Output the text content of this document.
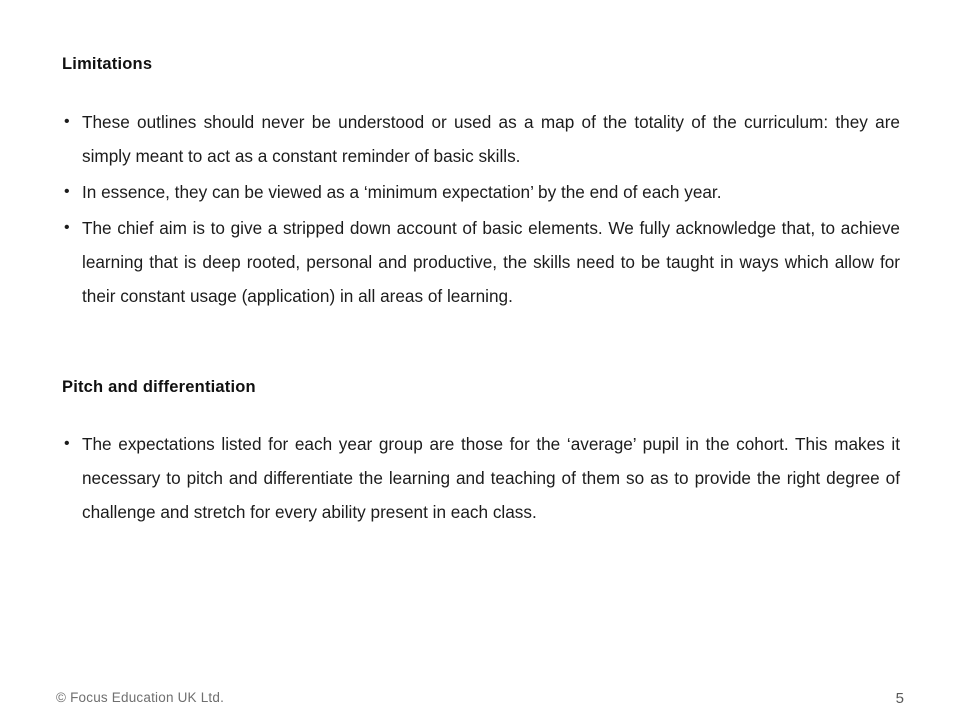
Limitations
• These outlines should never be understood or used as a map of the totality of the curriculum: they are simply meant to act as a constant reminder of basic skills.
• In essence, they can be viewed as a ‘minimum expectation’ by the end of each year.
• The chief aim is to give a stripped down account of basic elements. We fully acknowledge that, to achieve learning that is deep rooted, personal and productive, the skills need to be taught in ways which allow for their constant usage (application) in all areas of learning.
Pitch and differentiation
• The expectations listed for each year group are those for the ‘average’ pupil in the cohort. This makes it necessary to pitch and differentiate the learning and teaching of them so as to provide the right degree of challenge and stretch for every ability present in each class.
© Focus Education UK Ltd.	5
